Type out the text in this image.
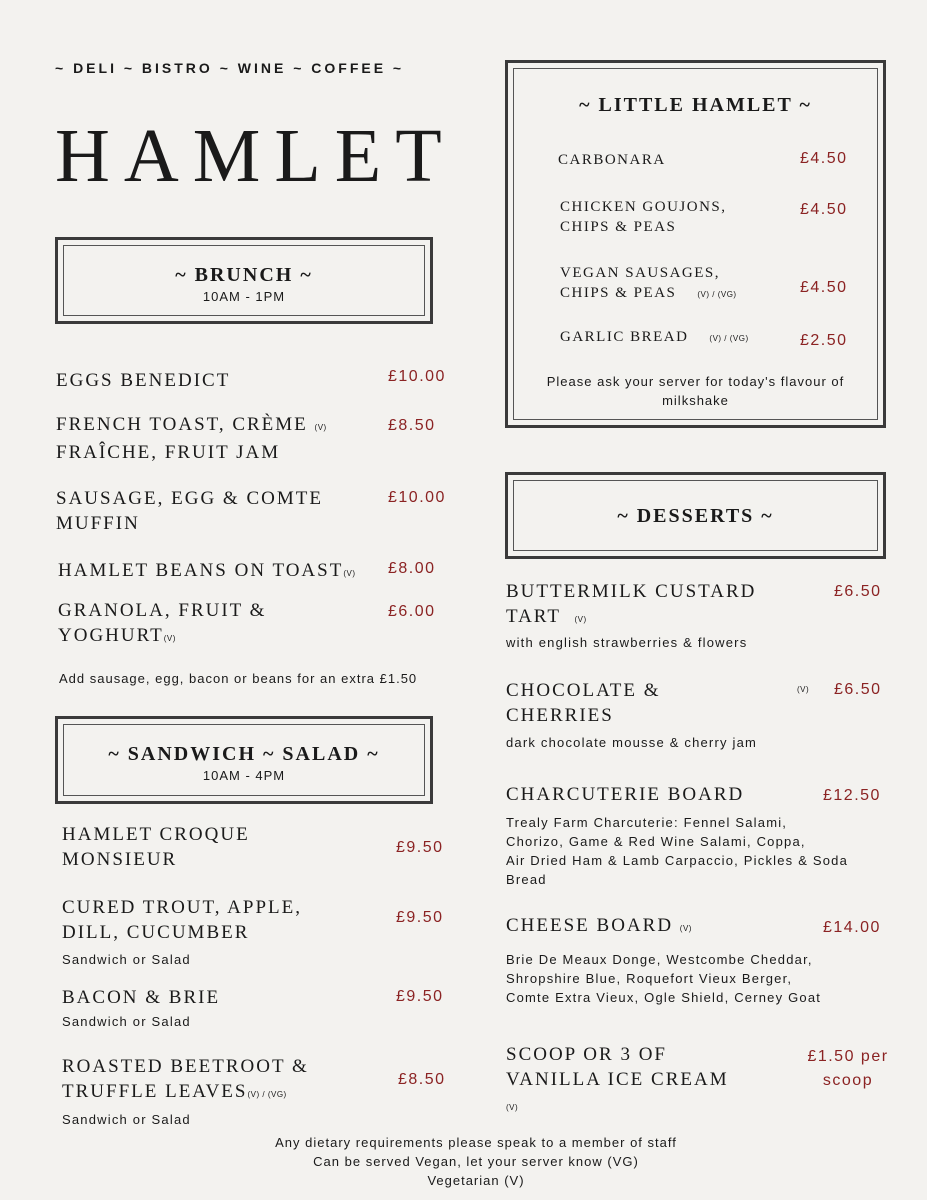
~ DELI ~ BISTRO ~ WINE ~ COFFEE ~
HAMLET
~ BRUNCH ~
10AM - 1PM
EGGS BENEDICT	£10.00
FRENCH TOAST, CRÈME (V)
FRAÎCHE, FRUIT JAM
£8.50
SAUSAGE, EGG & COMTE
MUFFIN
£10.00
HAMLET BEANS ON TOAST(V) £8.00
GRANOLA, FRUIT &
YOGHURT(V)
£6.00
Add sausage, egg, bacon or beans for an extra £1.50
~ SANDWICH ~ SALAD ~
10AM - 4PM
HAMLET CROQUE
MONSIEUR
£9.50
CURED TROUT, APPLE,
DILL, CUCUMBER
£9.50
Sandwich or Salad
BACON & BRIE	£9.50
Sandwich or Salad
ROASTED BEETROOT &
TRUFFLE LEAVES(V) / (VG)
£8.50
Sandwich or Salad
~ LITTLE HAMLET ~
CARBONARA	£4.50
CHICKEN GOUJONS,
CHIPS & PEAS
£4.50
VEGAN SAUSAGES,
CHIPS & PEAS	(V) / (VG)	£4.50
GARLIC BREAD	(V) / (VG)	£2.50
Please ask your server for today's flavour of milkshake
~ DESSERTS ~
BUTTERMILK CUSTARD
TART (V)
£6.50
with english strawberries & flowers
CHOCOLATE &
CHERRIES
(V) £6.50
dark chocolate mousse & cherry jam
CHARCUTERIE BOARD	£12.50
Trealy Farm Charcuterie: Fennel Salami,
Chorizo, Game & Red Wine Salami, Coppa,
Air Dried Ham & Lamb Carpaccio, Pickles & Soda
Bread
CHEESE BOARD (V)	£14.00
Brie De Meaux Donge, Westcombe Cheddar,
Shropshire Blue, Roquefort Vieux Berger,
Comte Extra Vieux, Ogle Shield, Cerney Goat
SCOOP OR 3 OF
VANILLA ICE CREAM
(V)
£1.50 per
scoop
Any dietary requirements please speak to a member of staff
Can be served Vegan, let your server know (VG)
Vegetarian (V)
